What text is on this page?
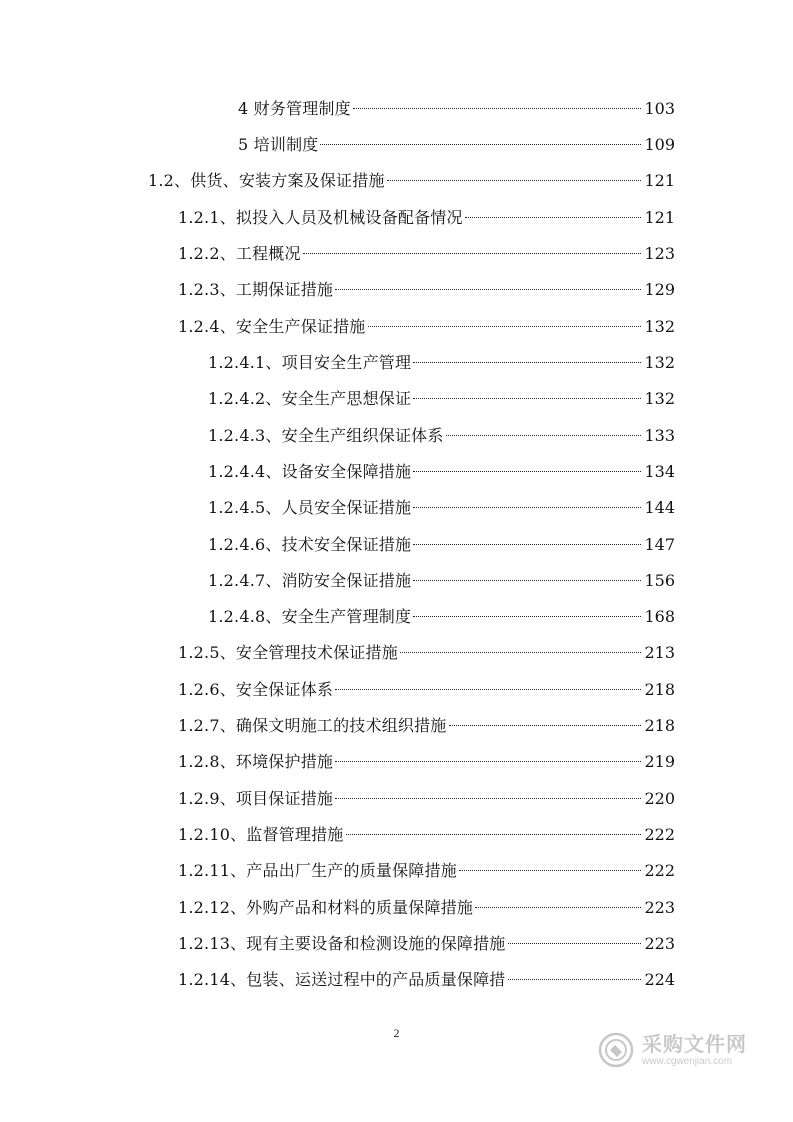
4 财务管理制度	103
5 培训制度	109
1.2、供货、安装方案及保证措施	121
1.2.1、拟投入人员及机械设备配备情况	121
1.2.2、工程概况	123
1.2.3、工期保证措施	129
1.2.4、安全生产保证措施	132
1.2.4.1、项目安全生产管理	132
1.2.4.2、安全生产思想保证	132
1.2.4.3、安全生产组织保证体系	133
1.2.4.4、设备安全保障措施	134
1.2.4.5、人员安全保证措施	144
1.2.4.6、技术安全保证措施	147
1.2.4.7、消防安全保证措施	156
1.2.4.8、安全生产管理制度	168
1.2.5、安全管理技术保证措施	213
1.2.6、安全保证体系	218
1.2.7、确保文明施工的技术组织措施	218
1.2.8、环境保护措施	219
1.2.9、项目保证措施	220
1.2.10、监督管理措施	222
1.2.11、产品出厂生产的质量保障措施	222
1.2.12、外购产品和材料的质量保障措施	223
1.2.13、现有主要设备和检测设施的保障措施	223
1.2.14、包装、运送过程中的产品质量保障措	224
2	采购文件网
www.cgwenjian.com
